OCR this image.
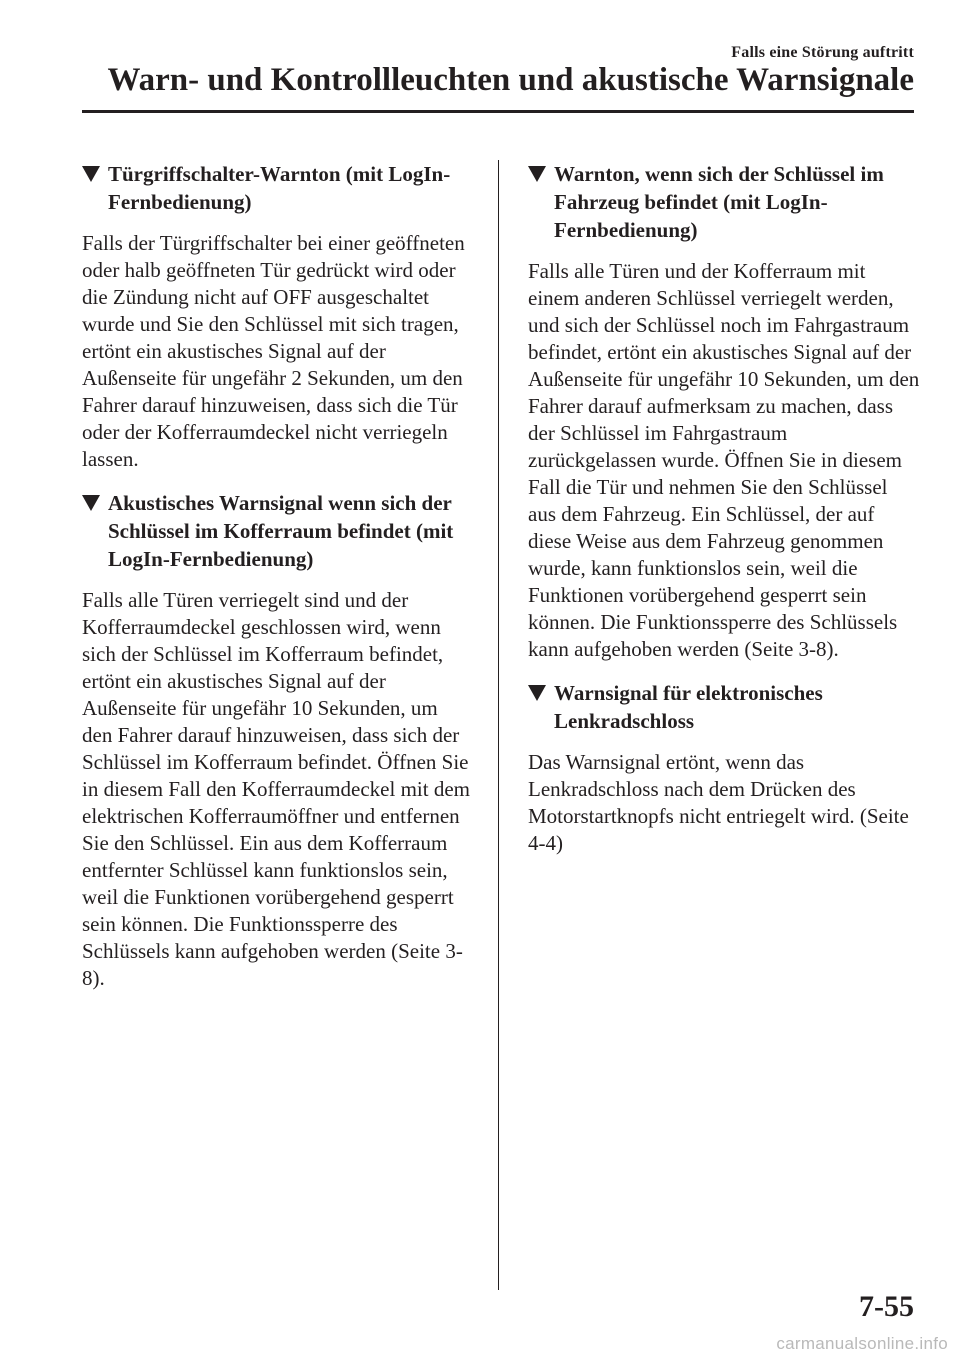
Falls eine Störung auftritt
Warn- und Kontrollleuchten und akustische Warnsignale
Türgriffschalter-Warnton (mit LogIn-Fernbedienung)

Falls der Türgriffschalter bei einer geöffneten oder halb geöffneten Tür gedrückt wird oder die Zündung nicht auf OFF ausgeschaltet wurde und Sie den Schlüssel mit sich tragen, ertönt ein akustisches Signal auf der Außenseite für ungefähr 2 Sekunden, um den Fahrer darauf hinzuweisen, dass sich die Tür oder der Kofferraumdeckel nicht verriegeln lassen.

Akustisches Warnsignal wenn sich der Schlüssel im Kofferraum befindet (mit LogIn-Fernbedienung)

Falls alle Türen verriegelt sind und der Kofferraumdeckel geschlossen wird, wenn sich der Schlüssel im Kofferraum befindet, ertönt ein akustisches Signal auf der Außenseite für ungefähr 10 Sekunden, um den Fahrer darauf hinzuweisen, dass sich der Schlüssel im Kofferraum befindet. Öffnen Sie in diesem Fall den Kofferraumdeckel mit dem elektrischen Kofferraumöffner und entfernen Sie den Schlüssel. Ein aus dem Kofferraum entfernter Schlüssel kann funktionslos sein, weil die Funktionen vorübergehend gesperrt sein können. Die Funktionssperre des Schlüssels kann aufgehoben werden (Seite 3-8).

Warnton, wenn sich der Schlüssel im Fahrzeug befindet (mit LogIn-Fernbedienung)

Falls alle Türen und der Kofferraum mit einem anderen Schlüssel verriegelt werden, und sich der Schlüssel noch im Fahrgastraum befindet, ertönt ein akustisches Signal auf der Außenseite für ungefähr 10 Sekunden, um den Fahrer darauf aufmerksam zu machen, dass der Schlüssel im Fahrgastraum zurückgelassen wurde. Öffnen Sie in diesem Fall die Tür und nehmen Sie den Schlüssel aus dem Fahrzeug. Ein Schlüssel, der auf diese Weise aus dem Fahrzeug genommen wurde, kann funktionslos sein, weil die Funktionen vorübergehend gesperrt sein können. Die Funktionssperre des Schlüssels kann aufgehoben werden (Seite 3-8).

Warnsignal für elektronisches Lenkradschloss

Das Warnsignal ertönt, wenn das Lenkradschloss nach dem Drücken des Motorstartknopfs nicht entriegelt wird. (Seite 4-4)

7-55
carmanualsonline.info
